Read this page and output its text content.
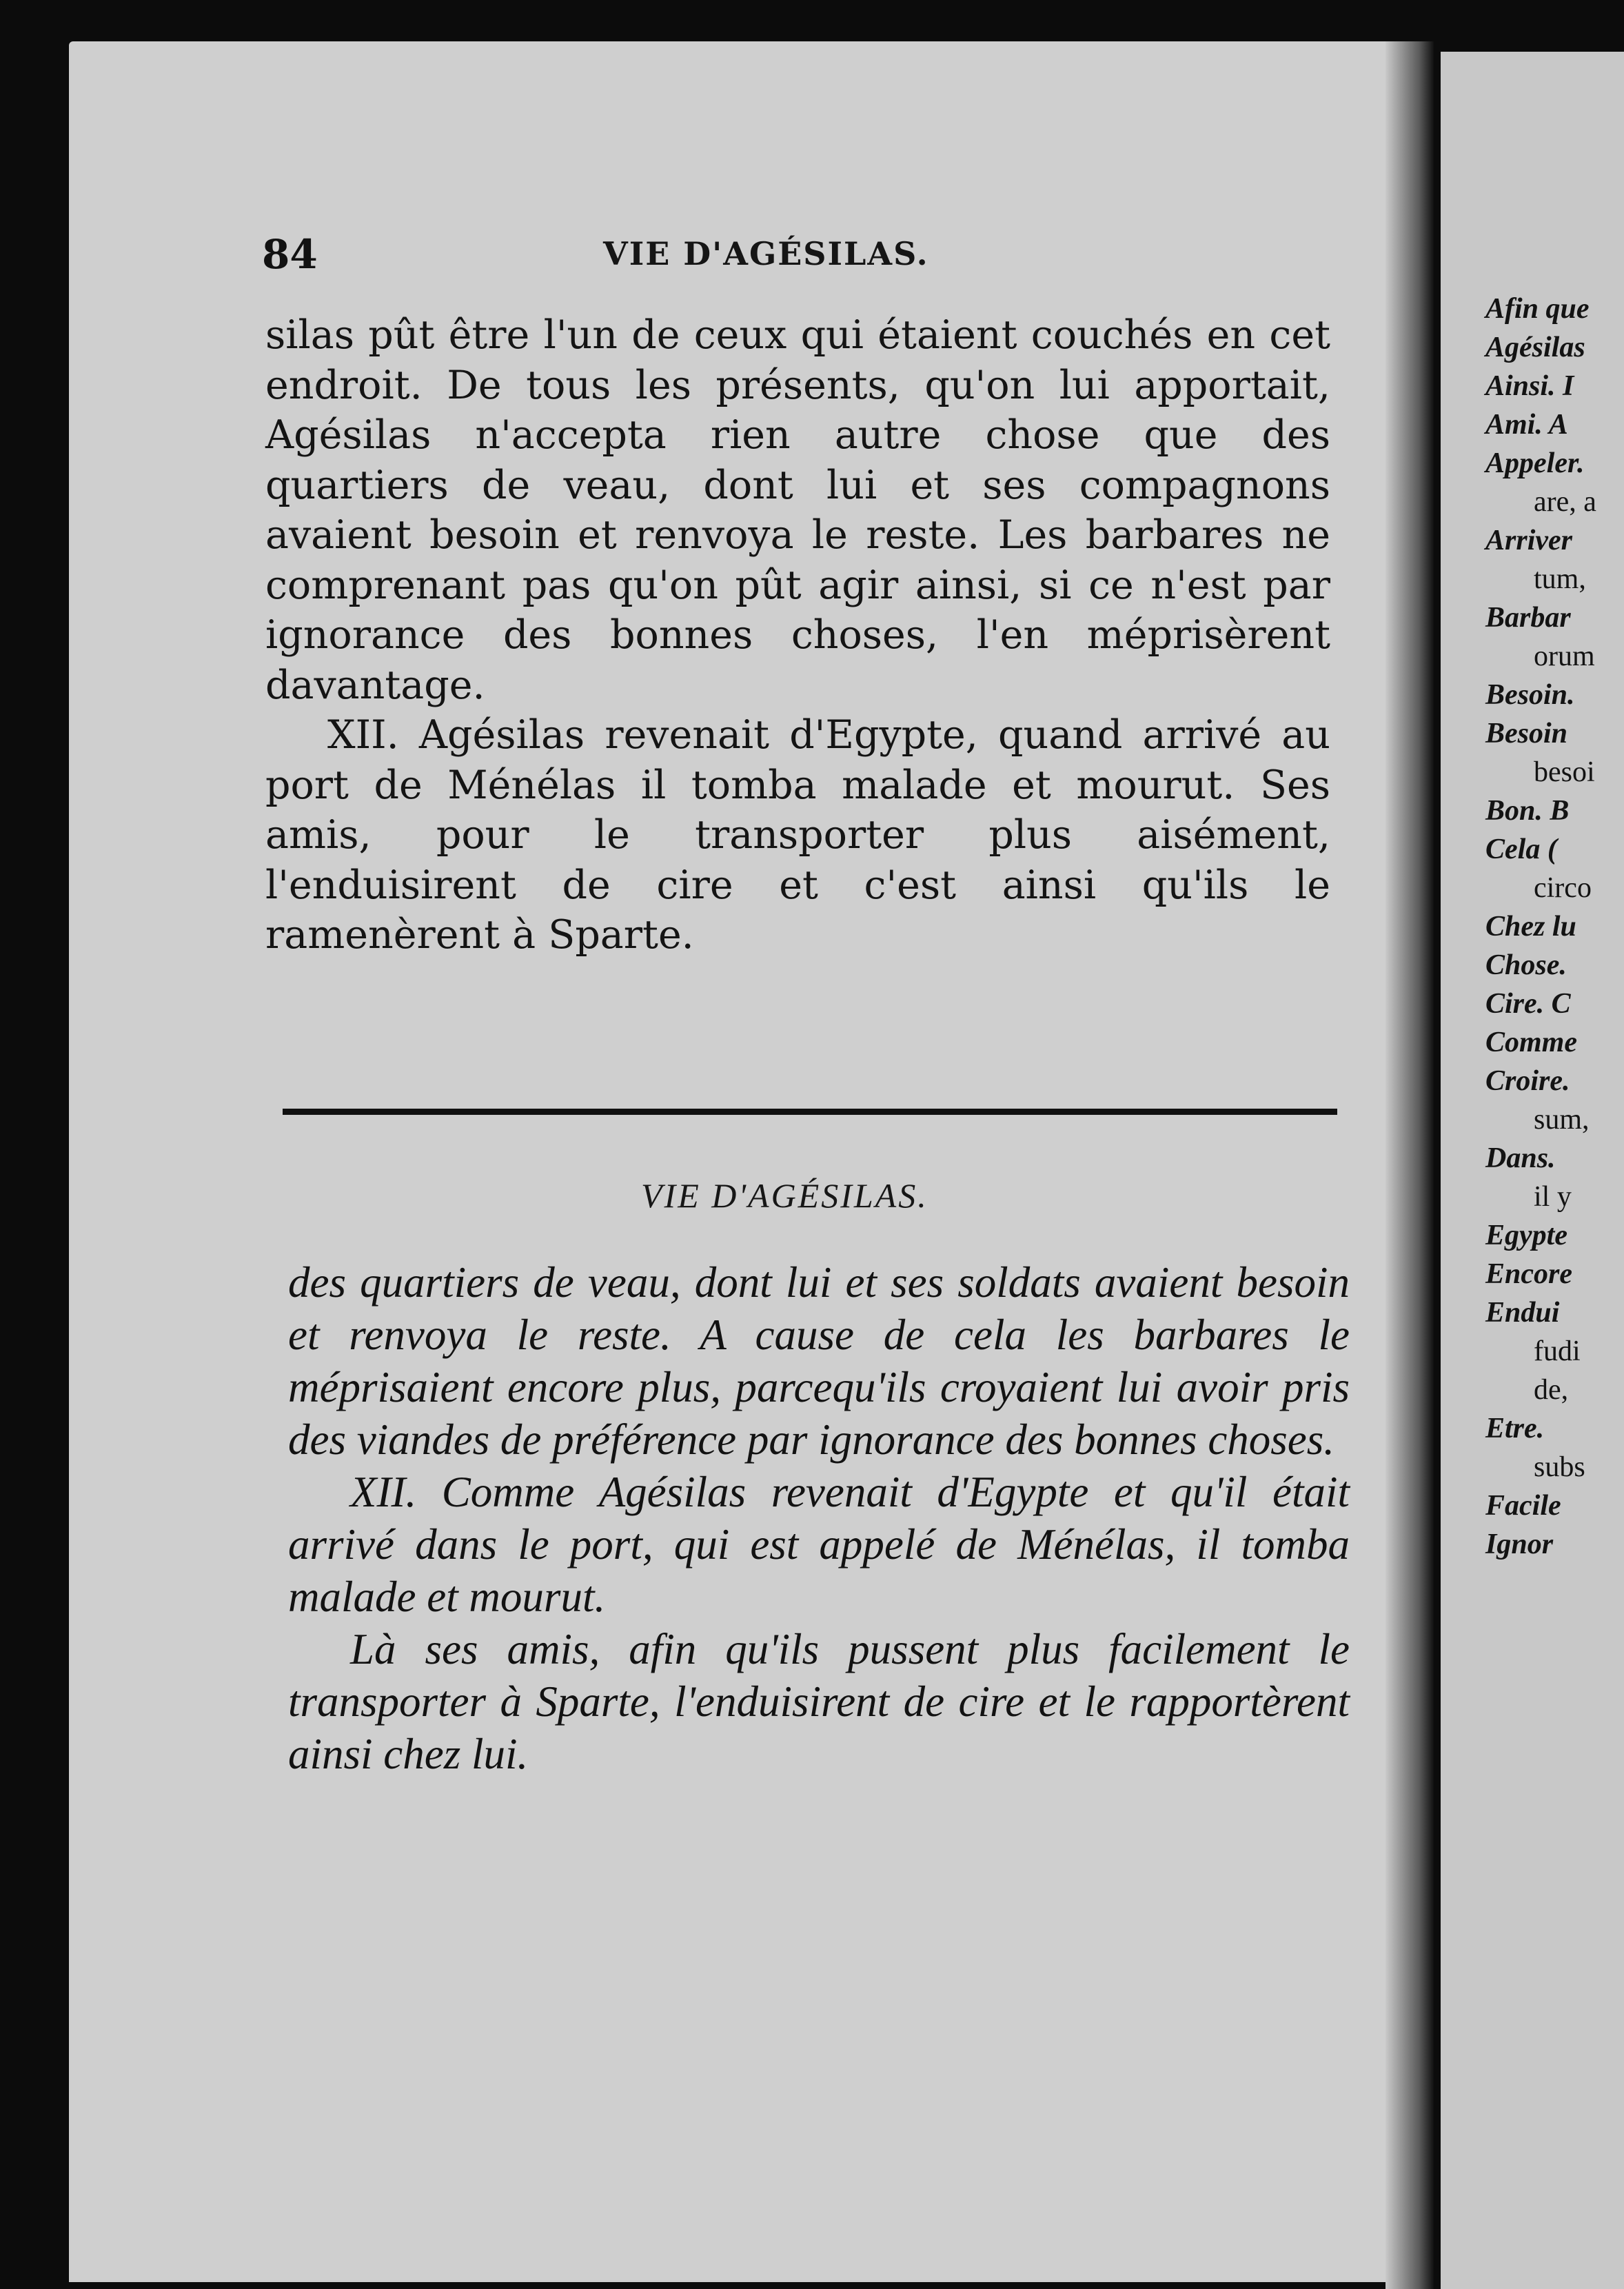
84	VIE D'AGÉSILAS.

silas pût être l'un de ceux qui étaient couchés en cet endroit. De tous les présents, qu'on lui apportait, Agésilas n'accepta rien autre chose que des quartiers de veau, dont lui et ses compagnons avaient besoin et renvoya le reste. Les barbares ne comprenant pas qu'on pût agir ainsi, si ce n'est par ignorance des bonnes choses, l'en méprisèrent davantage.

XII. Agésilas revenait d'Egypte, quand arrivé au port de Ménélas il tomba malade et mourut. Ses amis, pour le transporter plus aisément, l'enduisirent de cire et c'est ainsi qu'ils le ramenèrent à Sparte.

VIE D'AGÉSILAS.

des quartiers de veau, dont lui et ses soldats avaient besoin et renvoya le reste. A cause de cela les barbares le méprisaient encore plus, parcequ'ils croyaient lui avoir pris des viandes de préférence par ignorance des bonnes choses.

XII. Comme Agésilas revenait d'Egypte et qu'il était arrivé dans le port, qui est appelé de Ménélas, il tomba malade et mourut.

Là ses amis, afin qu'ils pussent plus facilement le transporter à Sparte, l'enduisirent de cire et le rapportèrent ainsi chez lui.

Afin que
Agésilas
Ainsi. I
Ami. A
Appeler.
are, a
Arriver
tum,
Barbar
orum
Besoin.
Besoin
besoi
Bon. B
Cela (
circo
Chez lu
Chose.
Cire. C
Comme
Croire.
sum,
Dans.
il y
Egypte
Encore
Endui
fudi
de,
Etre.
subs
Facile
Ignor
